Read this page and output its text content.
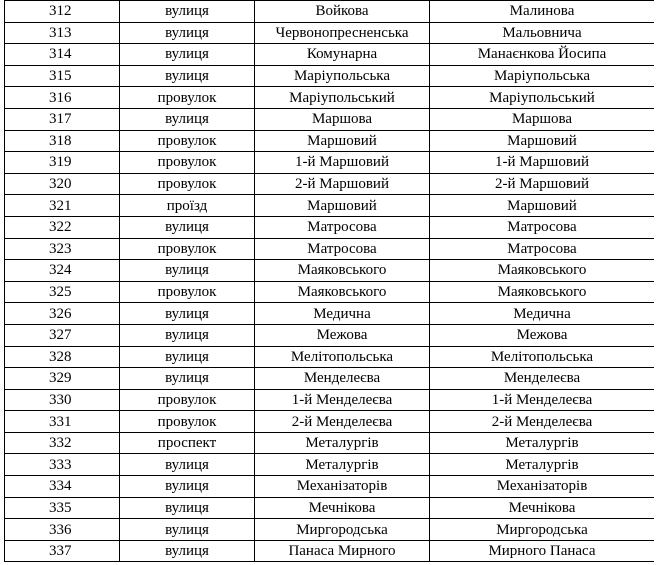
312	вулиця	Войкова	Малинова
313	вулиця	Червонопресненська	Мальовнича
314	вулиця	Комунарна	Манаєнкова Йосипа
315	вулиця	Маріупольська	Маріупольська
316	провулок	Маріупольський	Маріупольський
317	вулиця	Маршова	Маршова
318	провулок	Маршовий	Маршовий
319	провулок	1-й Маршовий	1-й Маршовий
320	провулок	2-й Маршовий	2-й Маршовий
321	проїзд	Маршовий	Маршовий
322	вулиця	Матросова	Матросова
323	провулок	Матросова	Матросова
324	вулиця	Маяковського	Маяковського
325	провулок	Маяковського	Маяковського
326	вулиця	Медична	Медична
327	вулиця	Межова	Межова
328	вулиця	Мелітопольська	Мелітопольська
329	вулиця	Менделеєва	Менделеєва
330	провулок	1-й Менделеєва	1-й Менделеєва
331	провулок	2-й Менделеєва	2-й Менделеєва
332	проспект	Металургів	Металургів
333	вулиця	Металургів	Металургів
334	вулиця	Механізаторів	Механізаторів
335	вулиця	Мечнікова	Мечнікова
336	вулиця	Миргородська	Миргородська
337	вулиця	Панаса Мирного	Мирного Панаса
